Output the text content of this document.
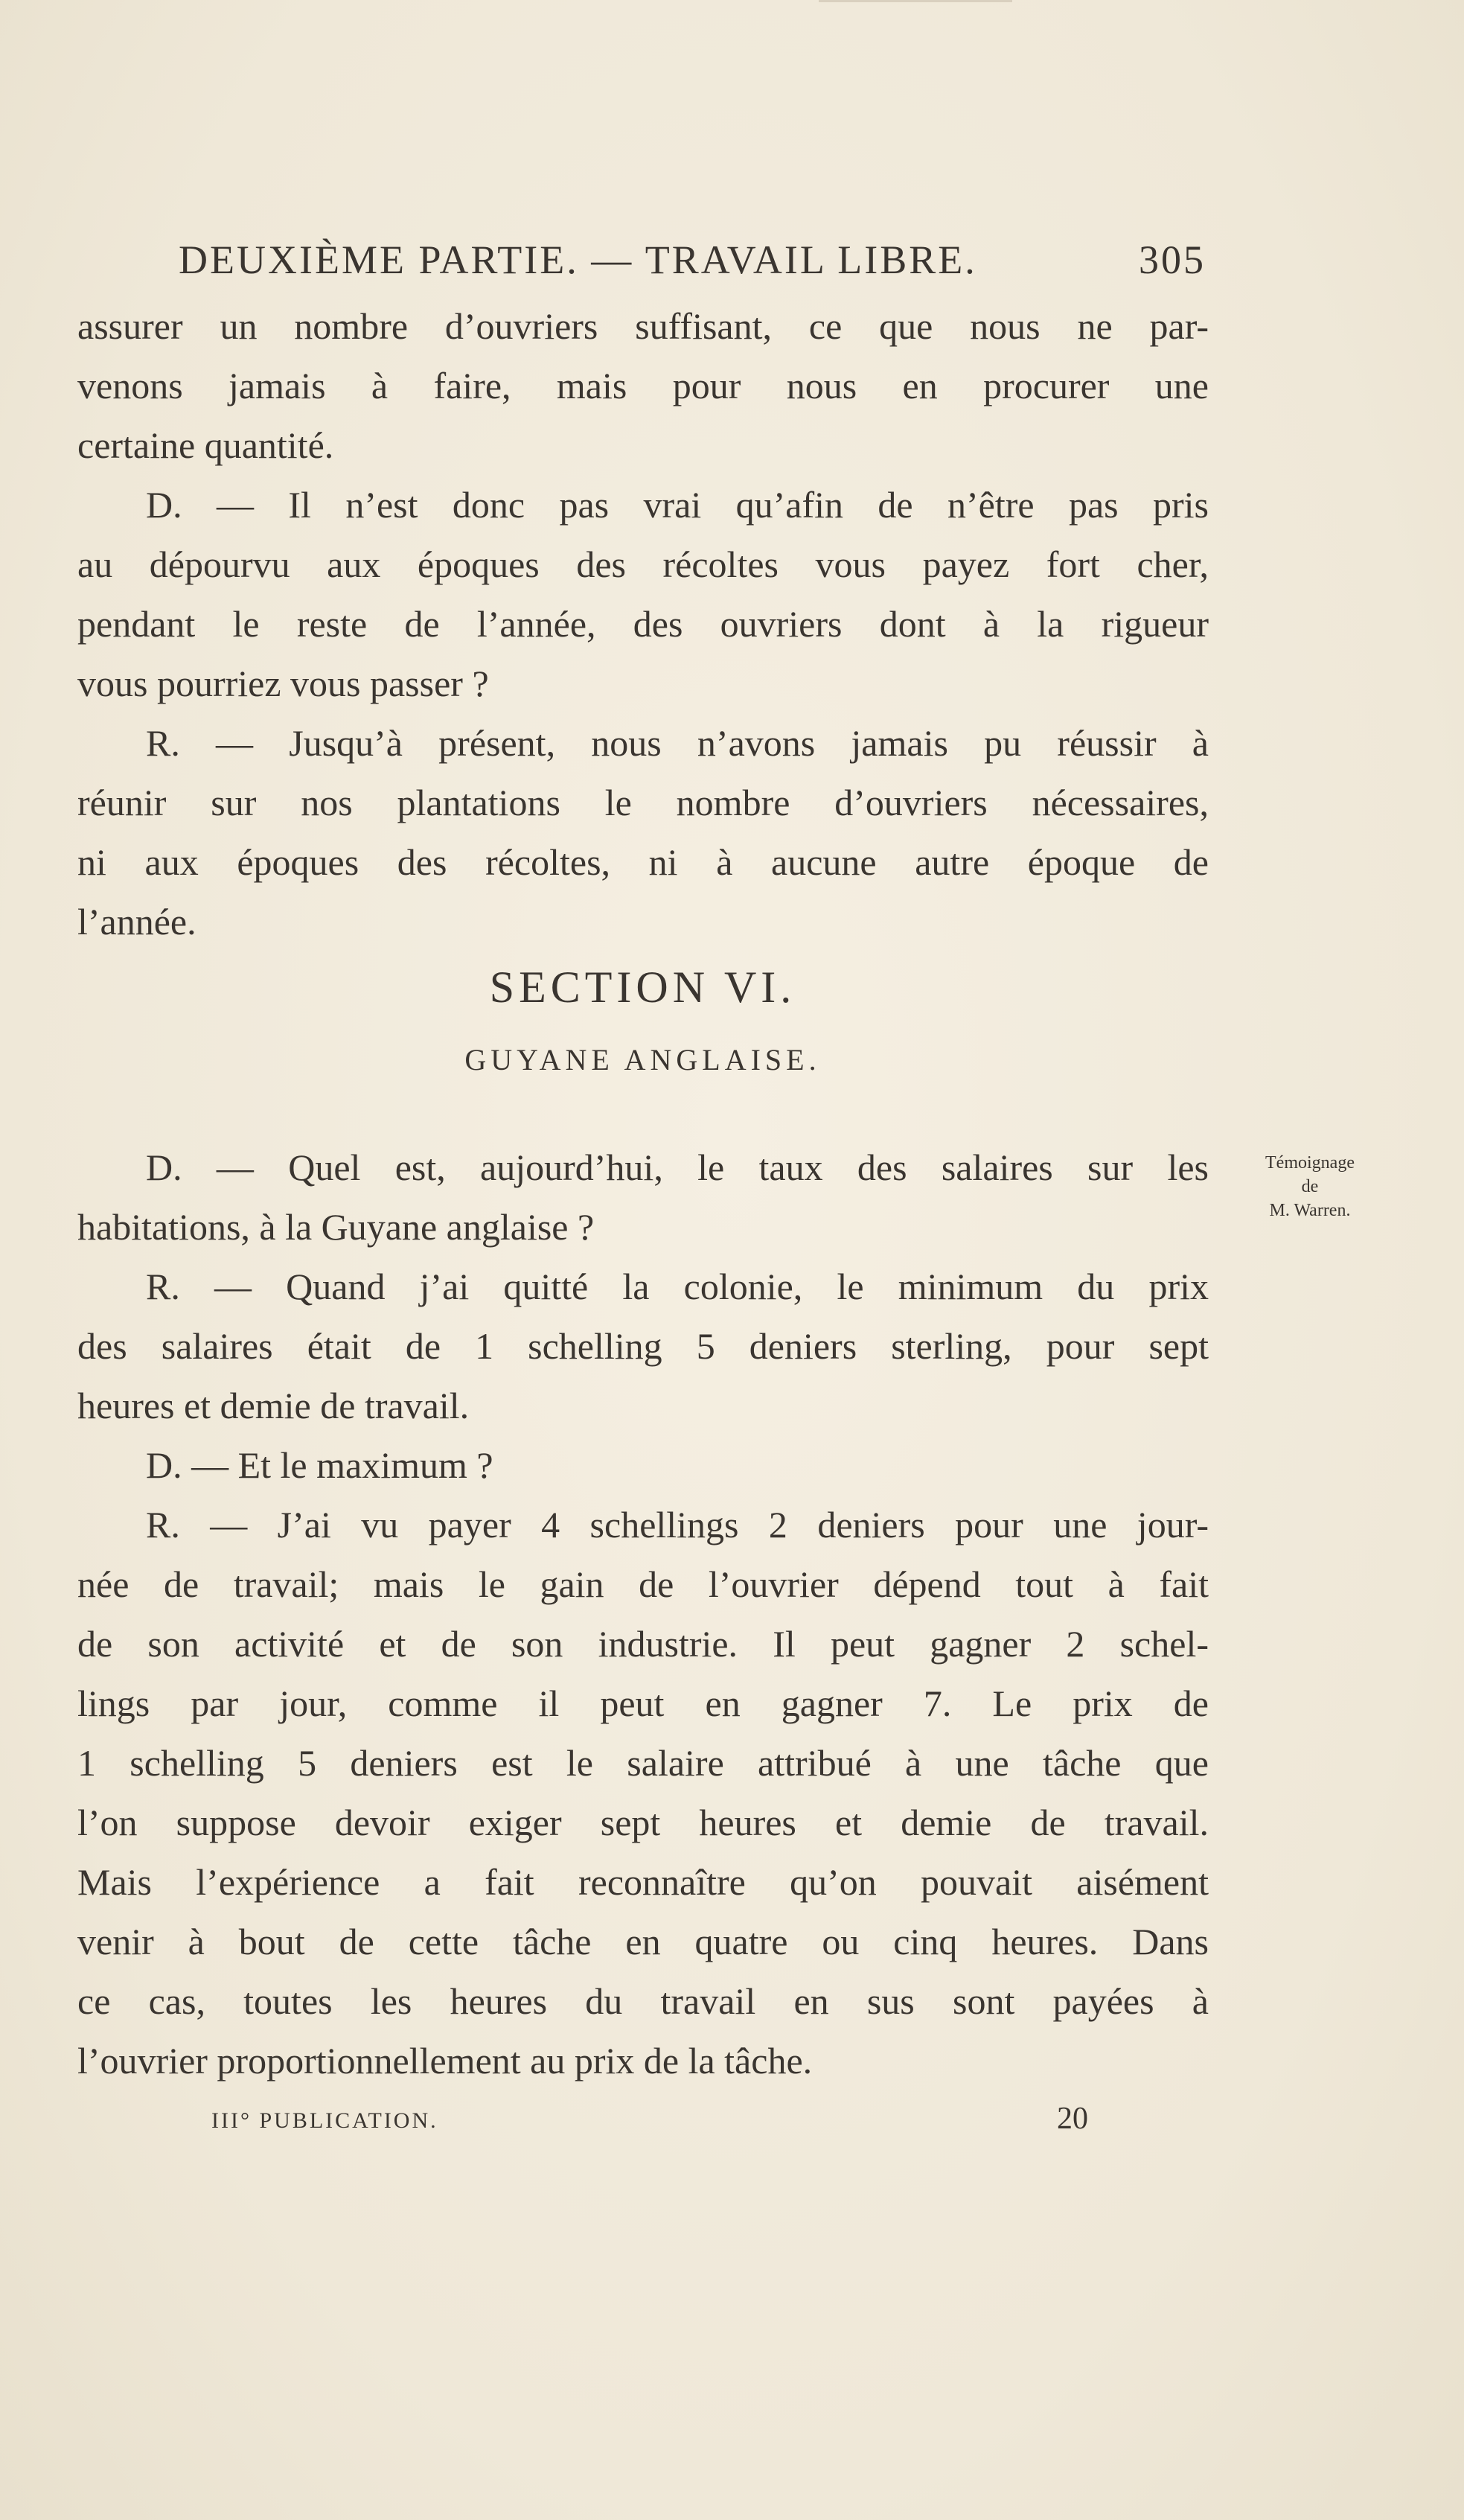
DEUXIÈME PARTIE. — TRAVAIL LIBRE.	305
assurer un nombre d’ouvriers suffisant, ce que nous ne par-
venons jamais à faire, mais pour nous en procurer une
certaine quantité.
D. — Il n’est donc pas vrai qu’afin de n’être pas pris
au dépourvu aux époques des récoltes vous payez fort cher,
pendant le reste de l’année, des ouvriers dont à la rigueur
vous pourriez vous passer ?
R. — Jusqu’à présent, nous n’avons jamais pu réussir à
réunir sur nos plantations le nombre d’ouvriers nécessaires,
ni aux époques des récoltes, ni à aucune autre époque de
l’année.
SECTION VI.
GUYANE ANGLAISE.
Témoignage
de
M. Warren.
D. — Quel est, aujourd’hui, le taux des salaires sur les
habitations, à la Guyane anglaise ?
R. — Quand j’ai quitté la colonie, le minimum du prix
des salaires était de 1 schelling 5 deniers sterling, pour sept
heures et demie de travail.
D. — Et le maximum ?
R. — J’ai vu payer 4 schellings 2 deniers pour une jour-
née de travail; mais le gain de l’ouvrier dépend tout à fait
de son activité et de son industrie. Il peut gagner 2 schel-
lings par jour, comme il peut en gagner 7. Le prix de
1 schelling 5 deniers est le salaire attribué à une tâche que
l’on suppose devoir exiger sept heures et demie de travail.
Mais l’expérience a fait reconnaître qu’on pouvait aisément
venir à bout de cette tâche en quatre ou cinq heures. Dans
ce cas, toutes les heures du travail en sus sont payées à
l’ouvrier proportionnellement au prix de la tâche.
III° PUBLICATION.	20
